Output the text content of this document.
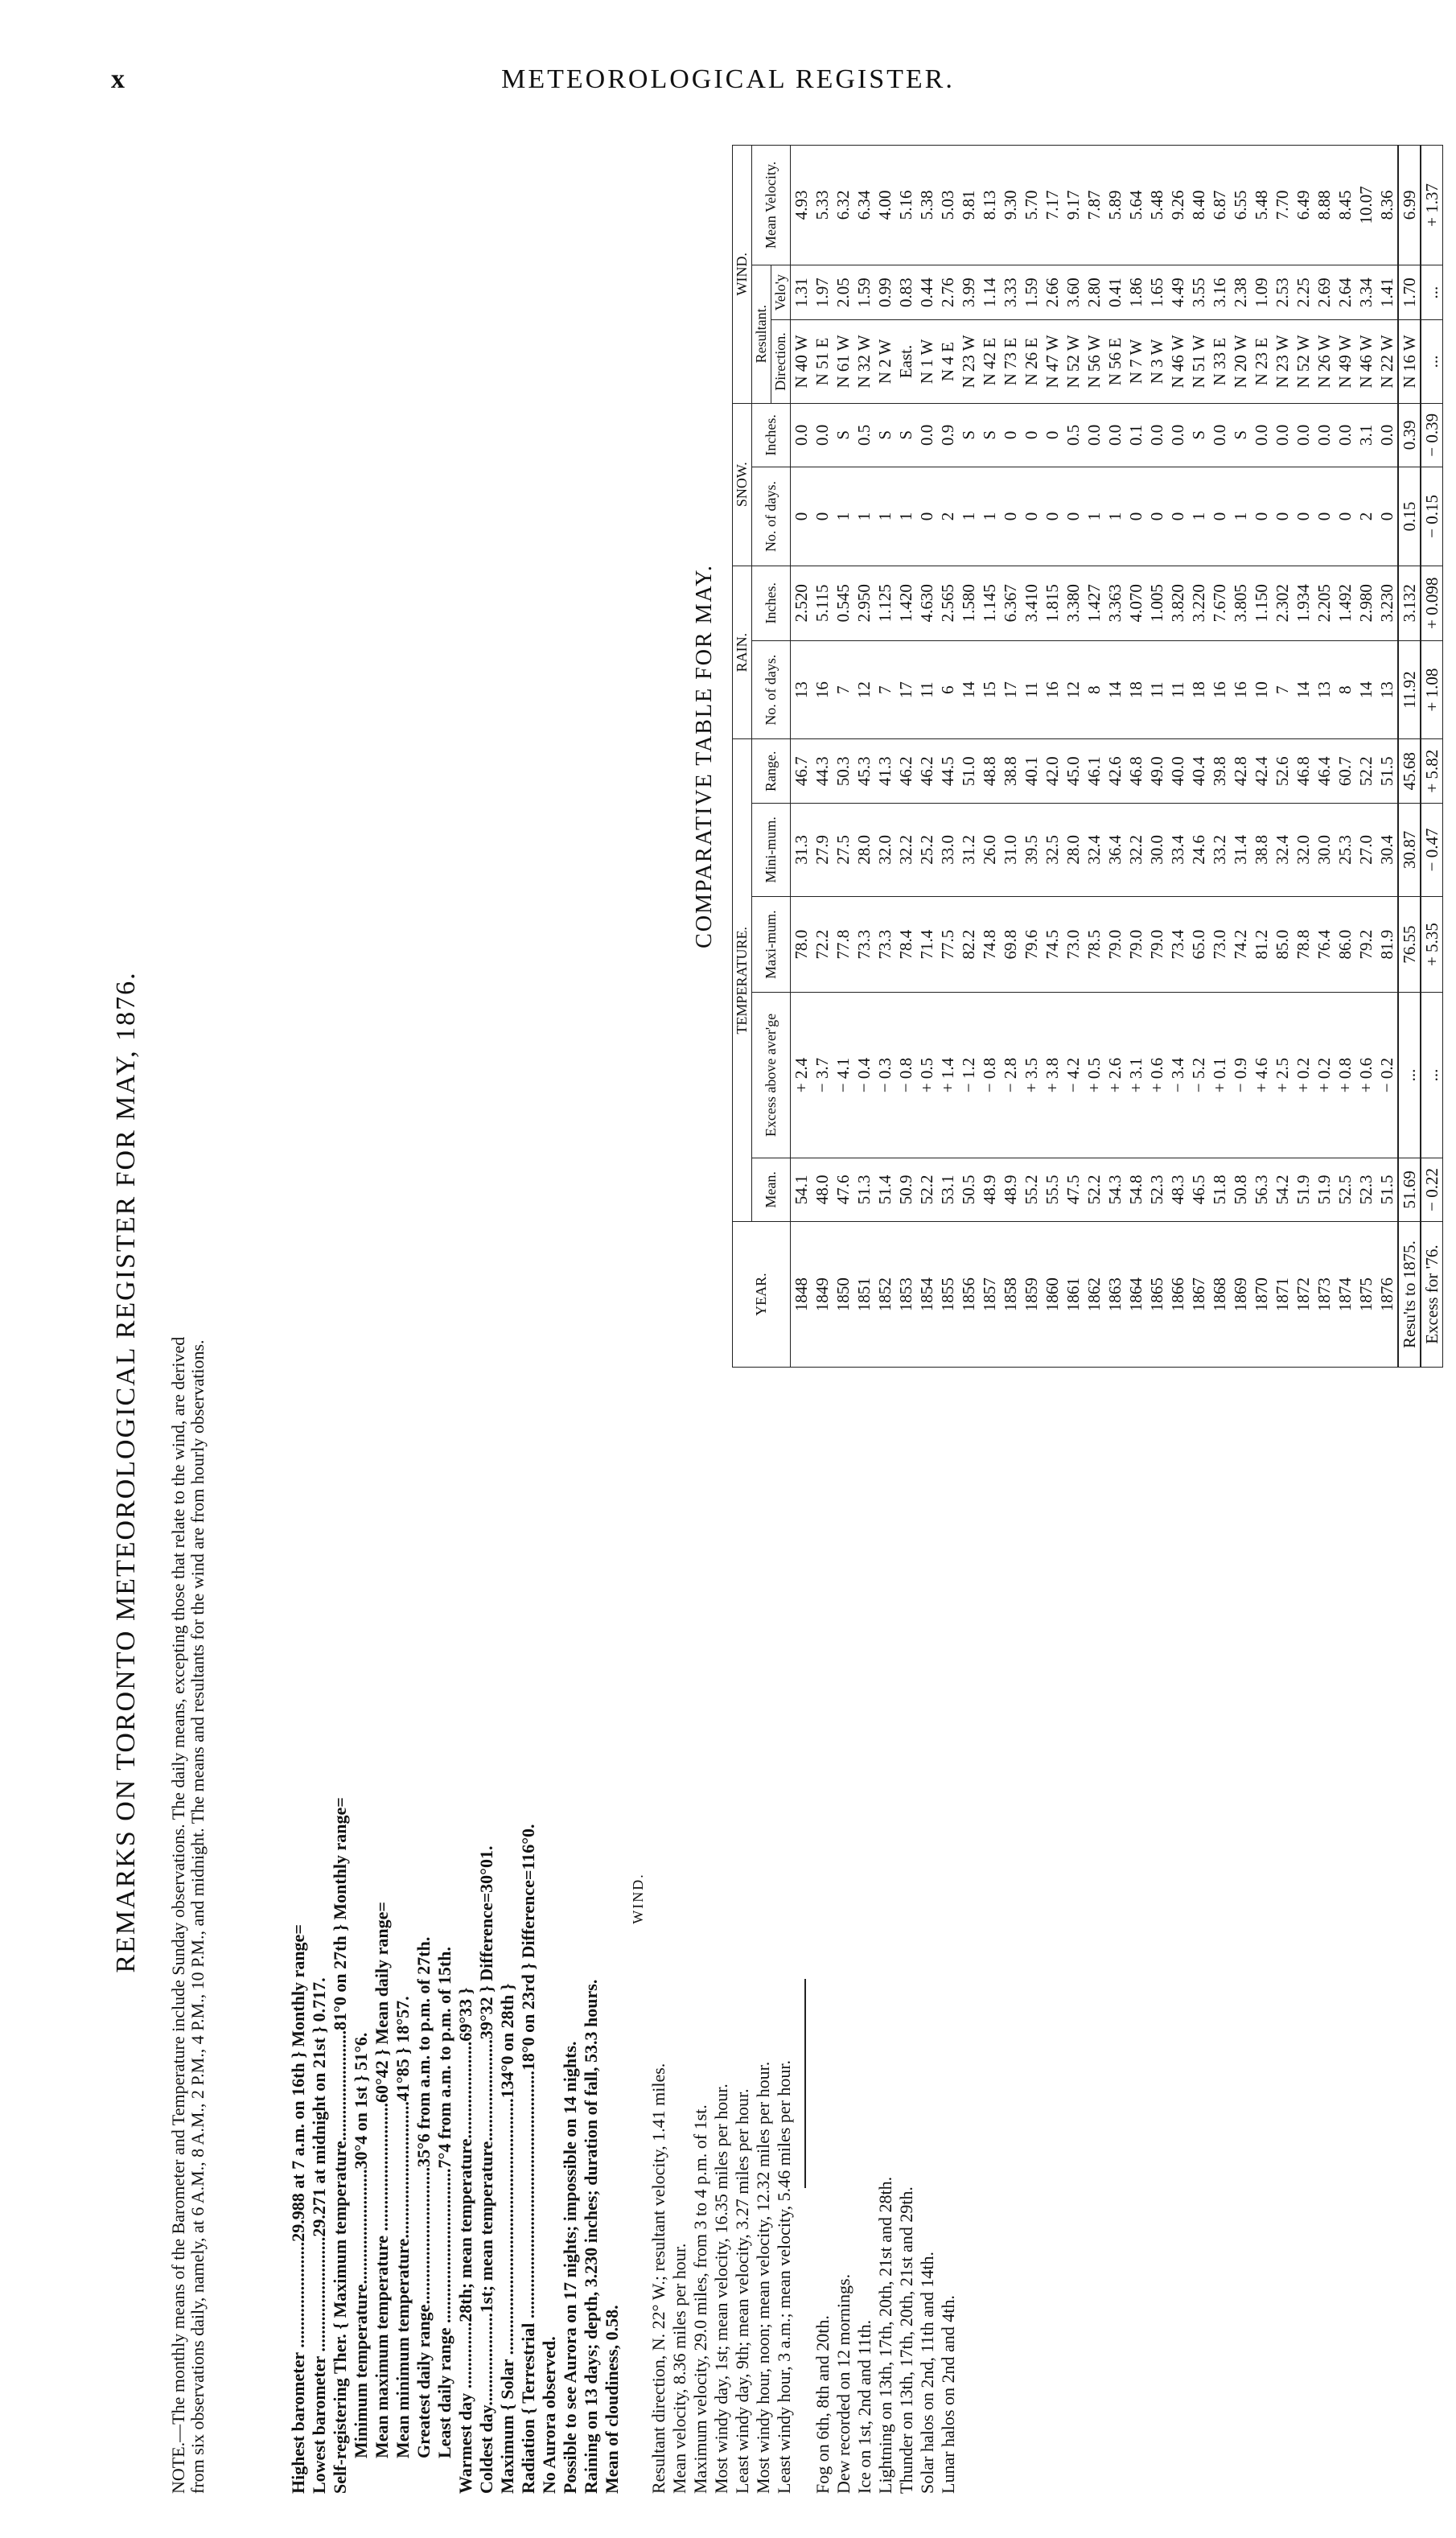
x	METEOROLOGICAL REGISTER.
REMARKS ON TORONTO METEOROLOGICAL REGISTER FOR MAY, 1876. NOTE.—The monthly means of the Barometer and Temperature include Sunday observations. The daily means, excepting those that relate to the wind, are derived from six observations daily, namely, at 6 A.M., 8 A.M., 2 P.M., 4 P.M., 10 P.M., and midnight. The means and resultants for the wind are from hourly observations.	Highest barometer ........................29.988 at 7 a.m. on 16th } Monthly range= Lowest barometer ..........................29.271 at midnight on 21st } 0.717. Self-registering Ther. { Maximum temperature.........................81°0 on 27th } Monthly range= Minimum temperature..........................30°4 on 1st } 51°6. Mean maximum temperature .............................60°42 } Mean daily range= Mean minimum temperature...............................41°85 } 18°57. Greatest daily range...............................35°6 from a.m. to p.m. of 27th. Least daily range ...................................7°4 from a.m. to p.m. of 15th. Warmest day ...............28th; mean temperature......................69°33 } Coldest day.....................1st; mean temperature.......................39°32 } Difference=30°01. Maximum { Solar ..........................................................134°0 on 28th } Radiation { Terrestrial ........................................................18°0 on 23rd } Difference=116°0. No Aurora observed. Possible to see Aurora on 17 nights; impossible on 14 nights. Raining on 13 days; depth, 3.230 inches; duration of fall, 53.3 hours. Mean of cloudiness, 0.58.
WIND.
Resultant direction, N. 22° W.; resultant velocity, 1.41 miles. Mean velocity, 8.36 miles per hour. Maximum velocity, 29.0 miles, from 3 to 4 p.m. of 1st. Most windy day, 1st; mean velocity, 16.35 miles per hour. Least windy day, 9th; mean velocity, 3.27 miles per hour. Most windy hour, noon; mean velocity, 12.32 miles per hour. Least windy hour, 3 a.m.; mean velocity, 5.46 miles per hour. Fog on 6th, 8th and 20th. Dew recorded on 12 mornings. Ice on 1st, 2nd and 11th. Lightning on 13th, 17th, 20th, 21st and 28th. Thunder on 13th, 17th, 20th, 21st and 29th. Solar halos on 2nd, 11th and 14th. Lunar halos on 2nd and 4th.
COMPARATIVE TABLE FOR MAY.
YEAR.	TEMPERATURE.					RAIN.		SNOW.		WIND.		
	Mean.	Excess above aver'ge	Maxi-mum.	Mini-mum.	Range.	No. of days.	Inches.	No. of days.	Inches.	Resultant.		Mean Velocity.
										Direction.	Velo'y	
1848	54.1	+ 2.4	78.0	31.3	46.7	13	2.520	0	0.0	N 40 W	1.31	4.93
1849	48.0	− 3.7	72.2	27.9	44.3	16	5.115	0	0.0	N 51 E	1.97	5.33
1850	47.6	− 4.1	77.8	27.5	50.3	7	0.545	1	S	N 61 W	2.05	6.32
1851	51.3	− 0.4	73.3	28.0	45.3	12	2.950	1	0.5	N 32 W	1.59	6.34
1852	51.4	− 0.3	73.3	32.0	41.3	7	1.125	1	S	N 2 W	0.99	4.00
1853	50.9	− 0.8	78.4	32.2	46.2	17	1.420	1	S	East.	0.83	5.16
1854	52.2	+ 0.5	71.4	25.2	46.2	11	4.630	0	0.0	N 1 W	0.44	5.38
1855	53.1	+ 1.4	77.5	33.0	44.5	6	2.565	2	0.9	N 4 E	2.76	5.03
1856	50.5	− 1.2	82.2	31.2	51.0	14	1.580	1	S	N 23 W	3.99	9.81
1857	48.9	− 0.8	74.8	26.0	48.8	15	1.145	1	S	N 42 E	1.14	8.13
1858	48.9	− 2.8	69.8	31.0	38.8	17	6.367	0	0	N 73 E	3.33	9.30
1859	55.2	+ 3.5	79.6	39.5	40.1	11	3.410	0	0	N 26 E	1.59	5.70
1860	55.5	+ 3.8	74.5	32.5	42.0	16	1.815	0	0	N 47 W	2.66	7.17
1861	47.5	− 4.2	73.0	28.0	45.0	12	3.380	0	0.5	N 52 W	3.60	9.17
1862	52.2	+ 0.5	78.5	32.4	46.1	8	1.427	1	0.0	N 56 W	2.80	7.87
1863	54.3	+ 2.6	79.0	36.4	42.6	14	3.363	1	0.0	N 56 E	0.41	5.89
1864	54.8	+ 3.1	79.0	32.2	46.8	18	4.070	0	0.1	N 7 W	1.86	5.64
1865	52.3	+ 0.6	79.0	30.0	49.0	11	1.005	0	0.0	N 3 W	1.65	5.48
1866	48.3	− 3.4	73.4	33.4	40.0	11	3.820	0	0.0	N 46 W	4.49	9.26
1867	46.5	− 5.2	65.0	24.6	40.4	18	3.220	1	S	N 51 W	3.55	8.40
1868	51.8	+ 0.1	73.0	33.2	39.8	16	7.670	0	0.0	N 33 E	3.16	6.87
1869	50.8	− 0.9	74.2	31.4	42.8	16	3.805	1	S	N 20 W	2.38	6.55
1870	56.3	+ 4.6	81.2	38.8	42.4	10	1.150	0	0.0	N 23 E	1.09	5.48
1871	54.2	+ 2.5	85.0	32.4	52.6	7	2.302	0	0.0	N 23 W	2.53	7.70
1872	51.9	+ 0.2	78.8	32.0	46.8	14	1.934	0	0.0	N 52 W	2.25	6.49
1873	51.9	+ 0.2	76.4	30.0	46.4	13	2.205	0	0.0	N 26 W	2.69	8.88
1874	52.5	+ 0.8	86.0	25.3	60.7	8	1.492	0	0.0	N 49 W	2.64	8.45
1875	52.3	+ 0.6	79.2	27.0	52.2	14	2.980	2	3.1	N 46 W	3.34	10.07
1876	51.5	− 0.2	81.9	30.4	51.5	13	3.230	0	0.0	N 22 W	1.41	8.36
Resu'ts to 1875.	51.69	...	76.55	30.87	45.68	11.92	3.132	0.15	0.39	N 16 W	1.70	6.99
Excess for '76.	− 0.22	...	+ 5.35	− 0.47	+ 5.82	+ 1.08	+ 0.098	− 0.15	− 0.39	...	...	+ 1.37
